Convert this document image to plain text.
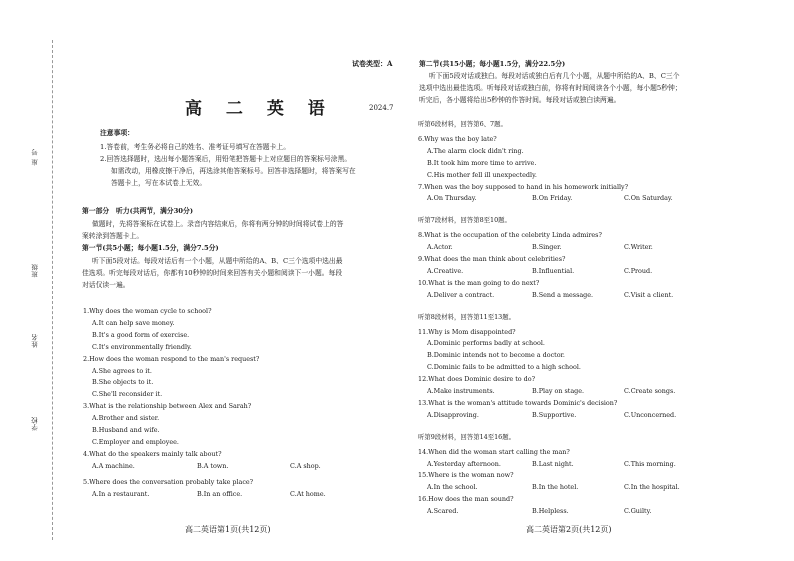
座 号
班级
姓名
学校
试卷类型：A
高 二 英 语	2024.7
注意事项：
1.答卷前，考生务必将自己的姓名、准考证号填写在答题卡上。
2.回答选择题时，选出每小题答案后，用铅笔把答题卡上对应题目的答案标号涂黑。
如需改动，用橡皮擦干净后，再选涂其他答案标号。回答非选择题时，将答案写在
答题卡上，写在本试卷上无效。
第一部分　听力(共两节，满分30分)
做题时，先将答案标在试卷上。录音内容结束后，你将有两分钟的时间将试卷上的答
案转涂到答题卡上。
第一节(共5小题；每小题1.5分，满分7.5分)
听下面5段对话。每段对话后有一个小题，从题中所给的A、B、C三个选项中选出最
佳选项。听完每段对话后，你都有10秒钟的时间来回答有关小题和阅读下一小题。每段
对话仅读一遍。
1.Why does the woman cycle to school?
A.It can help save money.
B.It's a good form of exercise.
C.It's environmentally friendly.
2.How does the woman respond to the man's request?
A.She agrees to it.
B.She objects to it.
C.She'll reconsider it.
3.What is the relationship between Alex and Sarah?
A.Brother and sister.
B.Husband and wife.
C.Employer and employee.
4.What do the speakers mainly talk about?
A.A machine.	B.A town.	C.A shop.
5.Where does the conversation probably take place?
A.In a restaurant.	B.In an office.	C.At home.
高二英语第1页(共12页)
第二节(共15小题；每小题1.5分，满分22.5分)
听下面5段对话或独白。每段对话或独白后有几个小题，从题中所给的A、B、C三个
选项中选出最佳选项。听每段对话或独白前，你将有时间阅读各个小题，每小题5秒钟；
听完后，各小题将给出5秒钟的作答时间。每段对话或独白读两遍。
听第6段材料，回答第6、7题。
6.Why was the boy late?
A.The alarm clock didn't ring.
B.It took him more time to arrive.
C.His mother fell ill unexpectedly.
7.When was the boy supposed to hand in his homework initially?
A.On Thursday.	B.On Friday.	C.On Saturday.
听第7段材料，回答第8至10题。
8.What is the occupation of the celebrity Linda admires?
A.Actor.	B.Singer.	C.Writer.
9.What does the man think about celebrities?
A.Creative.	B.Influential.	C.Proud.
10.What is the man going to do next?
A.Deliver a contract.	B.Send a message.	C.Visit a client.
听第8段材料，回答第11至13题。
11.Why is Mom disappointed?
A.Dominic performs badly at school.
B.Dominic intends not to become a doctor.
C.Dominic fails to be admitted to a high school.
12.What does Dominic desire to do?
A.Make instruments.	B.Play on stage.	C.Create songs.
13.What is the woman's attitude towards Dominic's decision?
A.Disapproving.	B.Supportive.	C.Unconcerned.
听第9段材料，回答第14至16题。
14.When did the woman start calling the man?
A.Yesterday afternoon.	B.Last night.	C.This morning.
15.Where is the woman now?
A.In the school.	B.In the hotel.	C.In the hospital.
16.How does the man sound?
A.Scared.	B.Helpless.	C.Guilty.
高二英语第2页(共12页)
